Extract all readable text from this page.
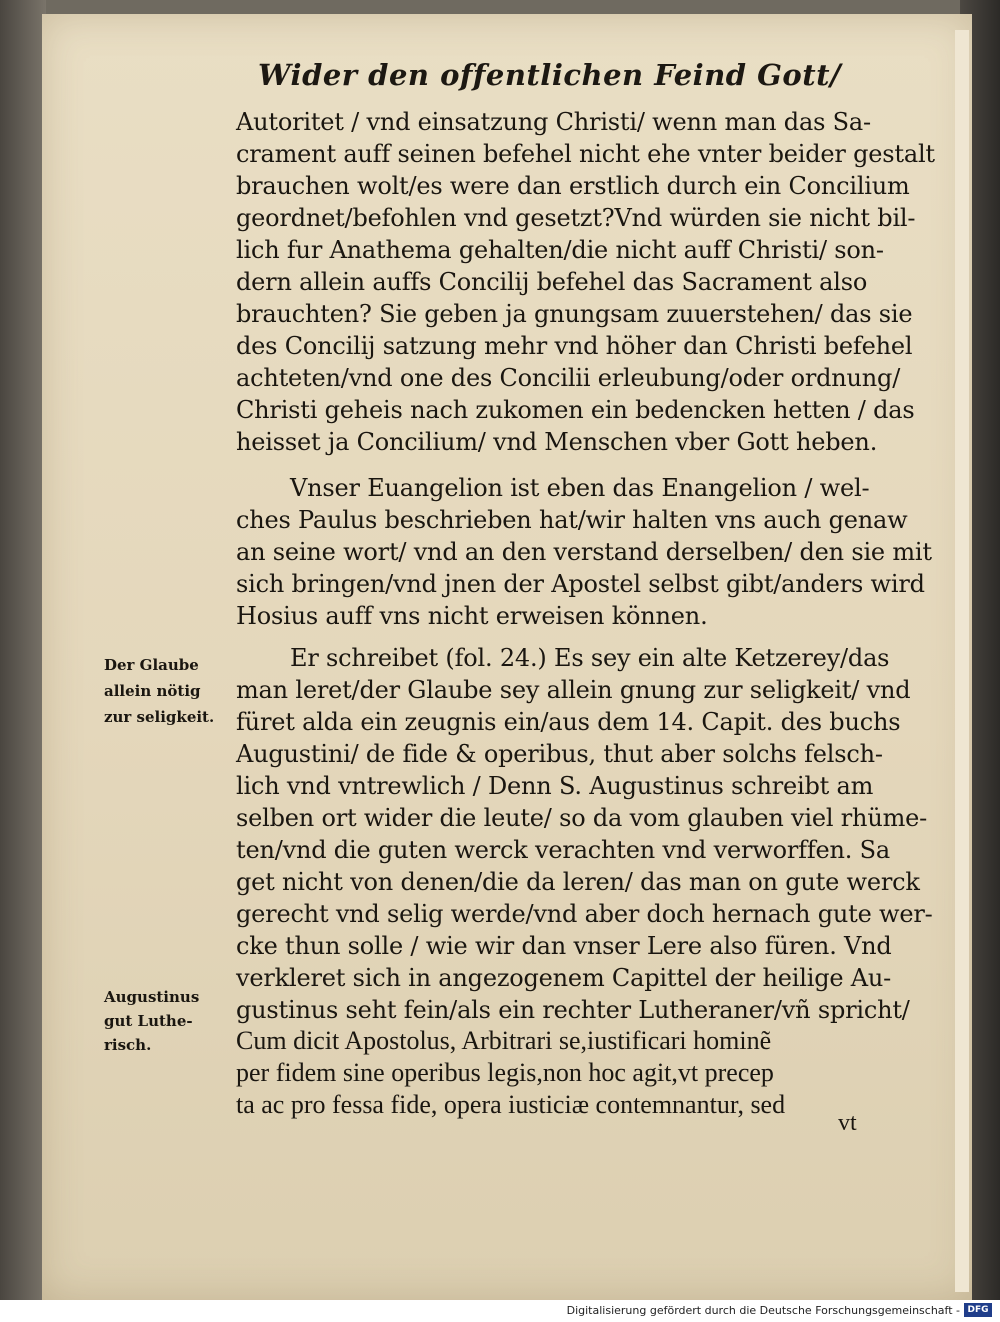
Wider den offentlichen Feind Gott/
Autoritet / vnd einsatzung Christi/ wenn man das Sa-
crament auff seinen befehel nicht ehe vnter beider gestalt
brauchen wolt/es were dan erstlich durch ein Concilium
geordnet/befohlen vnd gesetzt?Vnd würden sie nicht bil-
lich fur Anathema gehalten/die nicht auff Christi/ son-
dern allein auffs Concilij befehel das Sacrament also
brauchten? Sie geben ja gnungsam zuuerstehen/ das sie
des Concilij satzung mehr vnd höher dan Christi befehel
achteten/vnd one des Concilii erleubung/oder ordnung/
Christi geheis nach zukomen ein bedencken hetten / das
heisset ja Concilium/ vnd Menschen vber Gott heben.
Vnser Euangelion ist eben das Enangelion / wel-
ches Paulus beschrieben hat/wir halten vns auch genaw
an seine wort/ vnd an den verstand derselben/ den sie mit
sich bringen/vnd jnen der Apostel selbst gibt/anders wird
Hosius auff vns nicht erweisen können.
Er schreibet (fol. 24.) Es sey ein alte Ketzerey/das
man leret/der Glaube sey allein gnung zur seligkeit/ vnd
füret alda ein zeugnis ein/aus dem 14. Capit. des buchs
Augustini/ de fide & operibus, thut aber solchs felsch-
lich vnd vntrewlich / Denn S. Augustinus schreibt am
selben ort wider die leute/ so da vom glauben viel rhüme-
ten/vnd die guten werck verachten vnd verworffen. Sa
get nicht von denen/die da leren/ das man on gute werck
gerecht vnd selig werde/vnd aber doch hernach gute wer-
cke thun solle / wie wir dan vnser Lere also füren. Vnd
verkleret sich in angezogenem Capittel der heilige Au-
gustinus seht fein/als ein rechter Lutheraner/vñ spricht/
Cum dicit Apostolus, Arbitrari se,iustificari hominẽ
per fidem sine operibus legis,non hoc agit,vt precep
ta ac pro fessa fide, opera iusticiæ contemnantur, sed
Der Glaube
allein nötig
zur seligkeit.
Augustinus
gut Luthe-
risch.
vt
Digitalisierung gefördert durch die Deutsche Forschungsgemeinschaft - DFG
